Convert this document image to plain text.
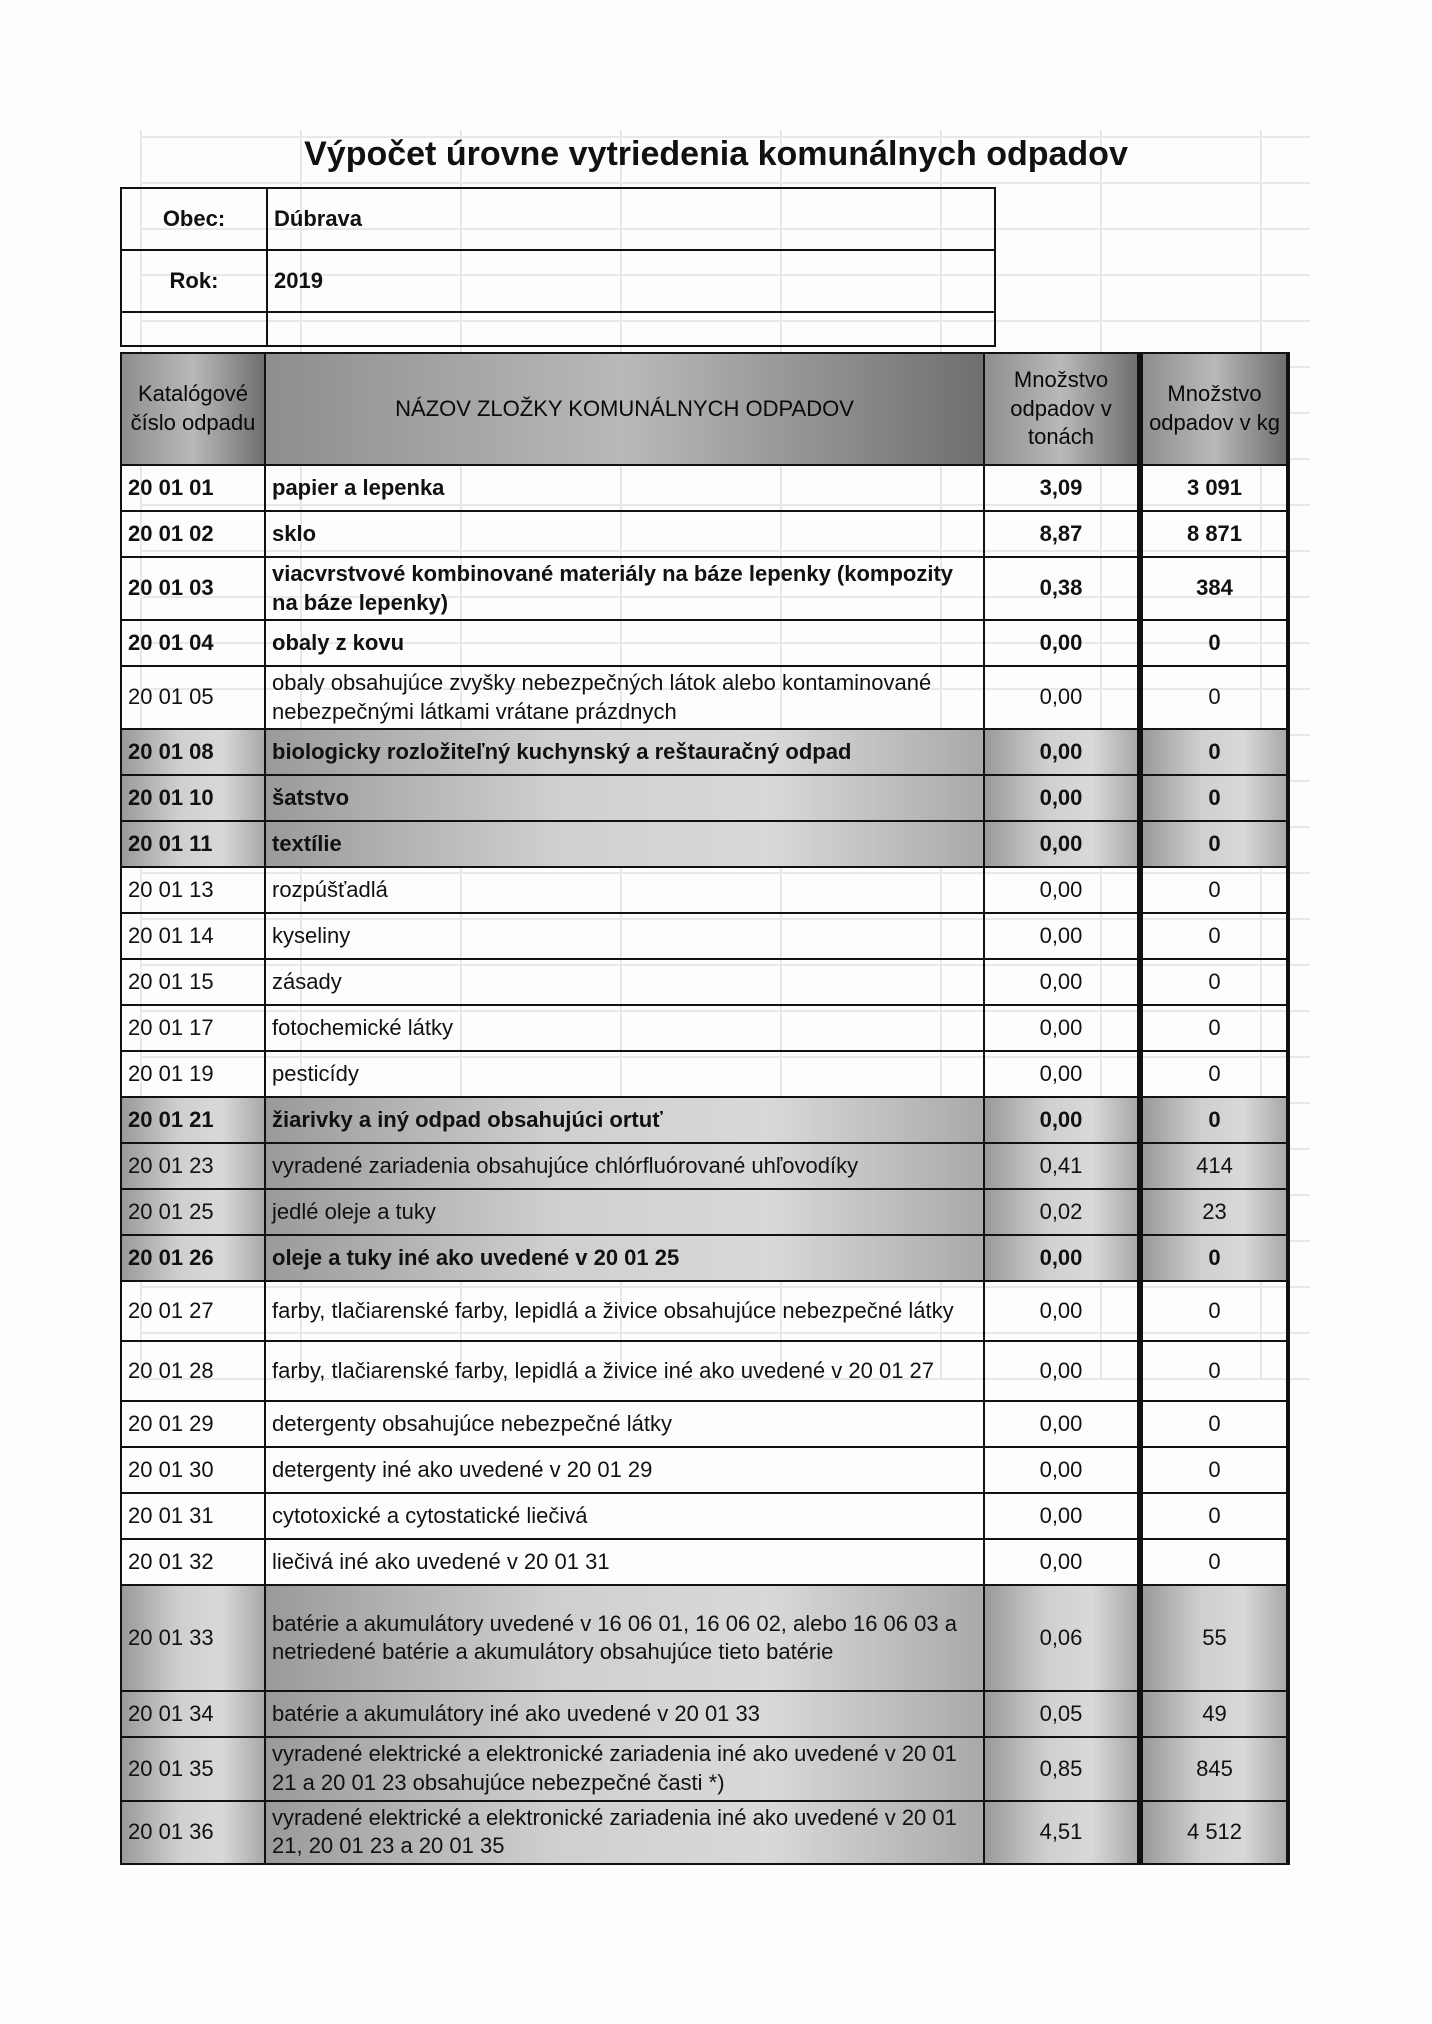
Výpočet úrovne vytriedenia komunálnych odpadov
Obec:	Dúbrava
Rok:	2019

Katalógové číslo odpadu	NÁZOV ZLOŽKY KOMUNÁLNYCH ODPADOV	Množstvo odpadov v tonách	Množstvo odpadov v kg
20 01 01	papier a lepenka	3,09	3 091
20 01 02	sklo	8,87	8 871
20 01 03	viacvrstvové kombinované materiály na báze lepenky (kompozity na báze lepenky)	0,38	384
20 01 04	obaly z kovu	0,00	0
20 01 05	obaly obsahujúce zvyšky nebezpečných látok alebo kontaminované nebezpečnými látkami vrátane prázdnych	0,00	0
20 01 08	biologicky rozložiteľný kuchynský a reštauračný odpad	0,00	0
20 01 10	šatstvo	0,00	0
20 01 11	textílie	0,00	0
20 01 13	rozpúšťadlá	0,00	0
20 01 14	kyseliny	0,00	0
20 01 15	zásady	0,00	0
20 01 17	fotochemické látky	0,00	0
20 01 19	pesticídy	0,00	0
20 01 21	žiarivky a iný odpad obsahujúci ortuť	0,00	0
20 01 23	vyradené zariadenia obsahujúce chlórfluórované uhľovodíky	0,41	414
20 01 25	jedlé oleje a tuky	0,02	23
20 01 26	oleje a tuky iné ako uvedené v 20 01 25	0,00	0
20 01 27	farby, tlačiarenské farby, lepidlá a živice obsahujúce nebezpečné látky	0,00	0
20 01 28	farby, tlačiarenské farby, lepidlá a živice iné ako uvedené v 20 01 27	0,00	0
20 01 29	detergenty obsahujúce nebezpečné látky	0,00	0
20 01 30	detergenty iné ako uvedené v 20 01 29	0,00	0
20 01 31	cytotoxické a cytostatické liečivá	0,00	0
20 01 32	liečivá iné ako uvedené v 20 01 31	0,00	0
20 01 33	batérie a akumulátory uvedené v 16 06 01, 16 06 02, alebo 16 06 03 a netriedené batérie a akumulátory obsahujúce tieto batérie	0,06	55
20 01 34	batérie a akumulátory iné ako uvedené v 20 01 33	0,05	49
20 01 35	vyradené elektrické a elektronické zariadenia iné ako uvedené v 20 01 21 a 20 01 23 obsahujúce nebezpečné časti *)	0,85	845
20 01 36	vyradené elektrické a elektronické zariadenia iné ako uvedené v 20 01 21, 20 01 23 a 20 01 35	4,51	4 512
